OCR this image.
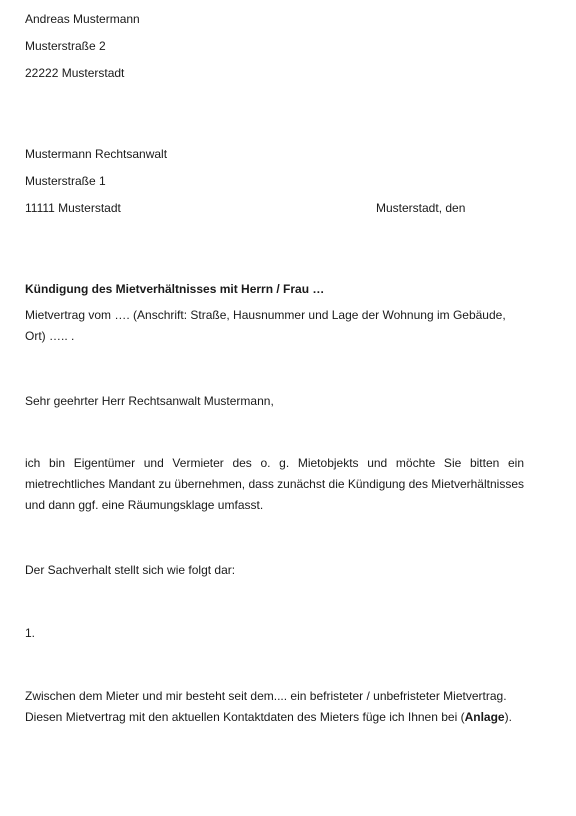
Andreas Mustermann
Musterstraße 2
22222 Musterstadt
Mustermann Rechtsanwalt
Musterstraße 1
11111 Musterstadt	Musterstadt, den
Kündigung des Mietverhältnisses mit Herrn / Frau …
Mietvertrag vom …. (Anschrift: Straße, Hausnummer und Lage der Wohnung im Gebäude, Ort) ….. .
Sehr geehrter Herr Rechtsanwalt Mustermann,
ich bin Eigentümer und Vermieter des o. g. Mietobjekts und möchte Sie bitten ein mietrechtliches Mandant zu übernehmen, dass zunächst die Kündigung des Mietverhältnisses und dann ggf. eine Räumungsklage umfasst.
Der Sachverhalt stellt sich wie folgt dar:
1.
Zwischen dem Mieter und mir besteht seit dem.... ein befristeter / unbefristeter Mietvertrag. Diesen Mietvertrag mit den aktuellen Kontaktdaten des Mieters füge ich Ihnen bei (Anlage).
